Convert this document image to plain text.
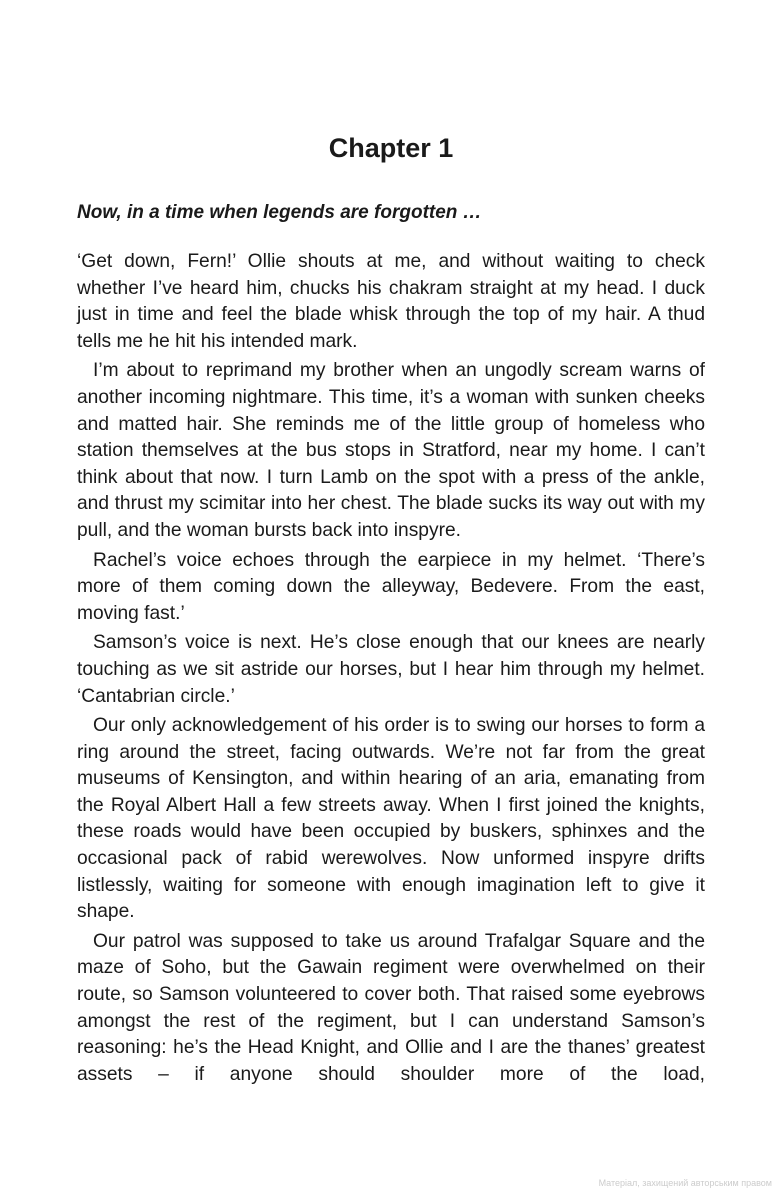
Chapter 1

Now, in a time when legends are forgotten …

‘Get down, Fern!’ Ollie shouts at me, and without waiting to check whether I’ve heard him, chucks his chakram straight at my head. I duck just in time and feel the blade whisk through the top of my hair. A thud tells me he hit his intended mark.

I’m about to reprimand my brother when an ungodly scream warns of another incoming nightmare. This time, it’s a woman with sunken cheeks and matted hair. She reminds me of the little group of homeless who station themselves at the bus stops in Stratford, near my home. I can’t think about that now. I turn Lamb on the spot with a press of the ankle, and thrust my scimitar into her chest. The blade sucks its way out with my pull, and the woman bursts back into inspyre.

Rachel’s voice echoes through the earpiece in my helmet. ‘There’s more of them coming down the alleyway, Bedevere. From the east, moving fast.’

Samson’s voice is next. He’s close enough that our knees are nearly touching as we sit astride our horses, but I hear him through my helmet. ‘Cantabrian circle.’

Our only acknowledgement of his order is to swing our horses to form a ring around the street, facing outwards. We’re not far from the great museums of Kensington, and within hearing of an aria, emanating from the Royal Albert Hall a few streets away. When I first joined the knights, these roads would have been occupied by buskers, sphinxes and the occasional pack of rabid werewolves. Now unformed inspyre drifts listlessly, waiting for someone with enough imagination left to give it shape.

Our patrol was supposed to take us around Trafalgar Square and the maze of Soho, but the Gawain regiment were overwhelmed on their route, so Samson volunteered to cover both. That raised some eyebrows amongst the rest of the regiment, but I can understand Samson’s reasoning: he’s the Head Knight, and Ollie and I are the thanes’ greatest assets – if anyone should shoulder more of the load,

Матеріал, захищений авторським правом
